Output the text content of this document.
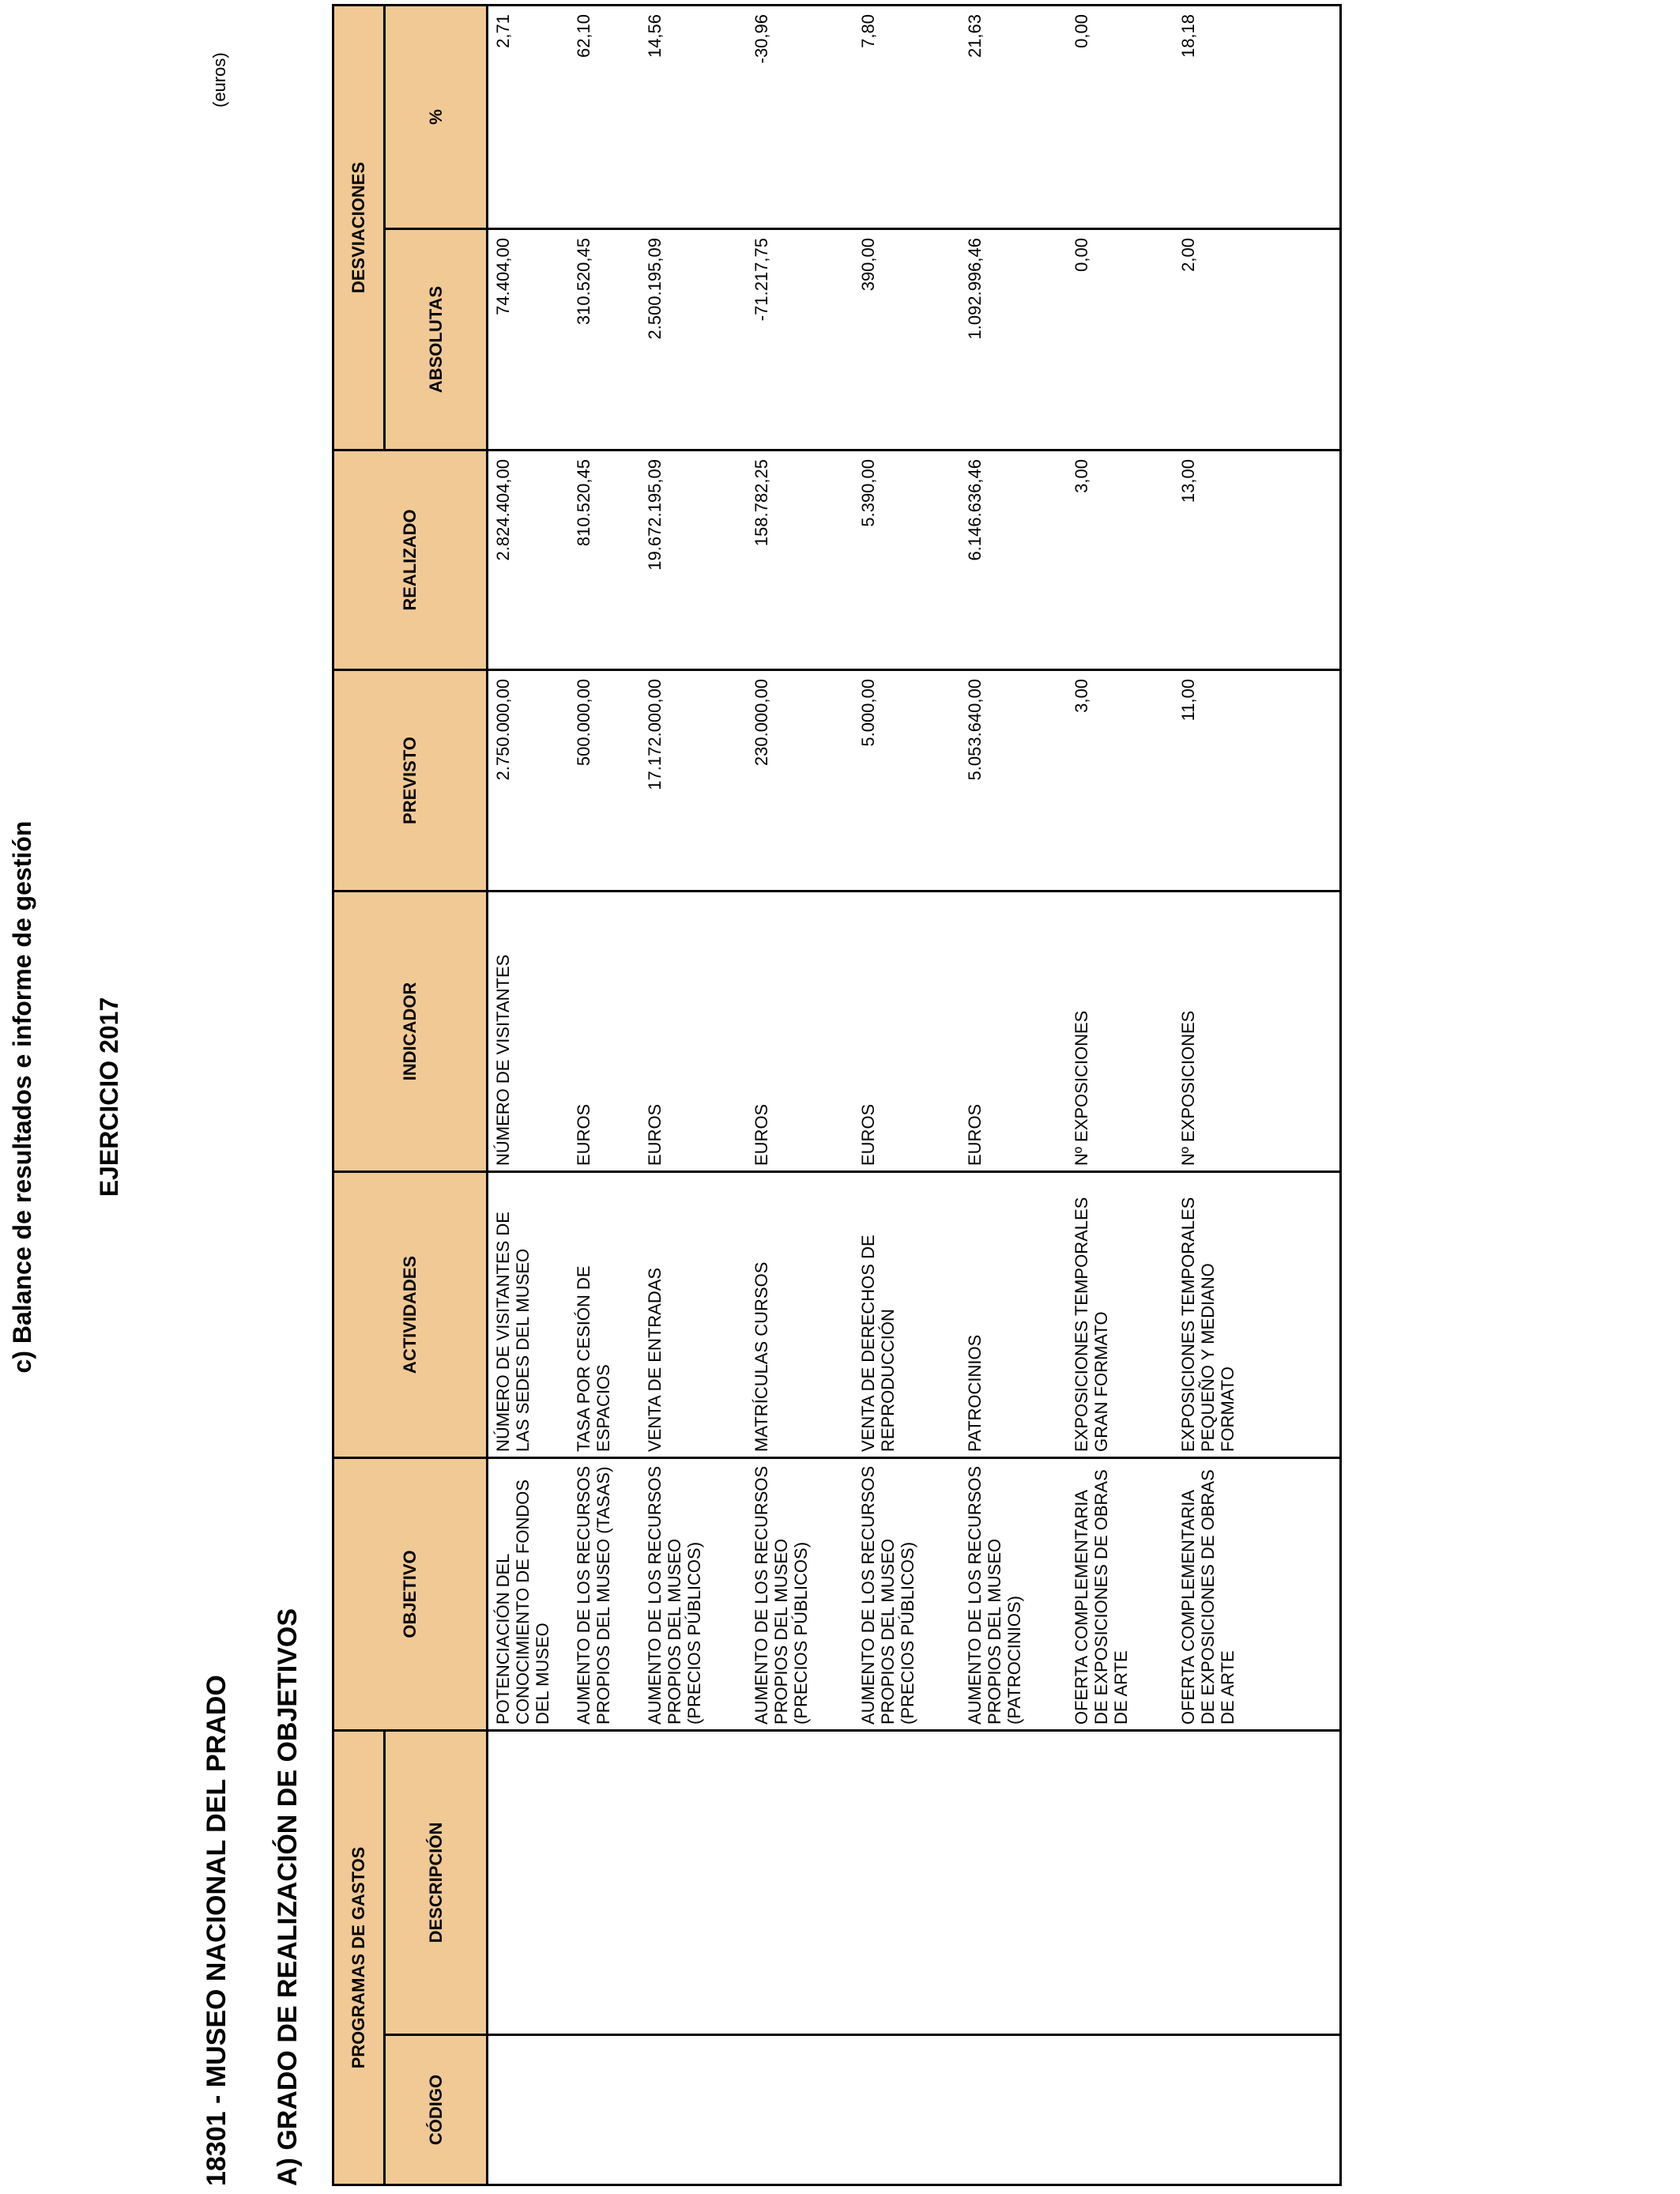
c) Balance de resultados e informe de gestión EJERCICIO 2017
(euros)
18301 - MUSEO NACIONAL DEL PRADO A) GRADO DE REALIZACIÓN DE OBJETIVOS	PROGRAMAS DE GASTOS		OBJETIVO	ACTIVIDADES	INDICADOR	PREVISTO	REALIZADO	DESVIACIONES	
CÓDIGO	DESCRIPCIÓN						ABSOLUTAS	%
		POTENCIACIÓN DEL CONOCIMIENTO DE FONDOS DEL MUSEO	NÚMERO DE VISITANTES DE LAS SEDES DEL MUSEO	NÚMERO DE VISITANTES	2.750.000,00	2.824.404,00	74.404,00	2,71
		AUMENTO DE LOS RECURSOS PROPIOS DEL MUSEO (TASAS)	TASA POR CESIÓN DE ESPACIOS	EUROS	500.000,00	810.520,45	310.520,45	62,10
		AUMENTO DE LOS RECURSOS PROPIOS DEL MUSEO (PRECIOS PÚBLICOS)	VENTA DE ENTRADAS	EUROS	17.172.000,00	19.672.195,09	2.500.195,09	14,56
		AUMENTO DE LOS RECURSOS PROPIOS DEL MUSEO (PRECIOS PÚBLICOS)	MATRÍCULAS CURSOS	EUROS	230.000,00	158.782,25	-71.217,75	-30,96
		AUMENTO DE LOS RECURSOS PROPIOS DEL MUSEO (PRECIOS PÚBLICOS)	VENTA DE DERECHOS DE REPRODUCCIÓN	EUROS	5.000,00	5.390,00	390,00	7,80
		AUMENTO DE LOS RECURSOS PROPIOS DEL MUSEO (PATROCINIOS)	PATROCINIOS	EUROS	5.053.640,00	6.146.636,46	1.092.996,46	21,63
		OFERTA COMPLEMENTARIA DE EXPOSICIONES DE OBRAS DE ARTE	EXPOSICIONES TEMPORALES GRAN FORMATO	Nº EXPOSICIONES	3,00	3,00	0,00	0,00
		OFERTA COMPLEMENTARIA DE EXPOSICIONES DE OBRAS DE ARTE	EXPOSICIONES TEMPORALES PEQUEÑO Y MEDIANO FORMATO	Nº EXPOSICIONES	11,00	13,00	2,00	18,18
